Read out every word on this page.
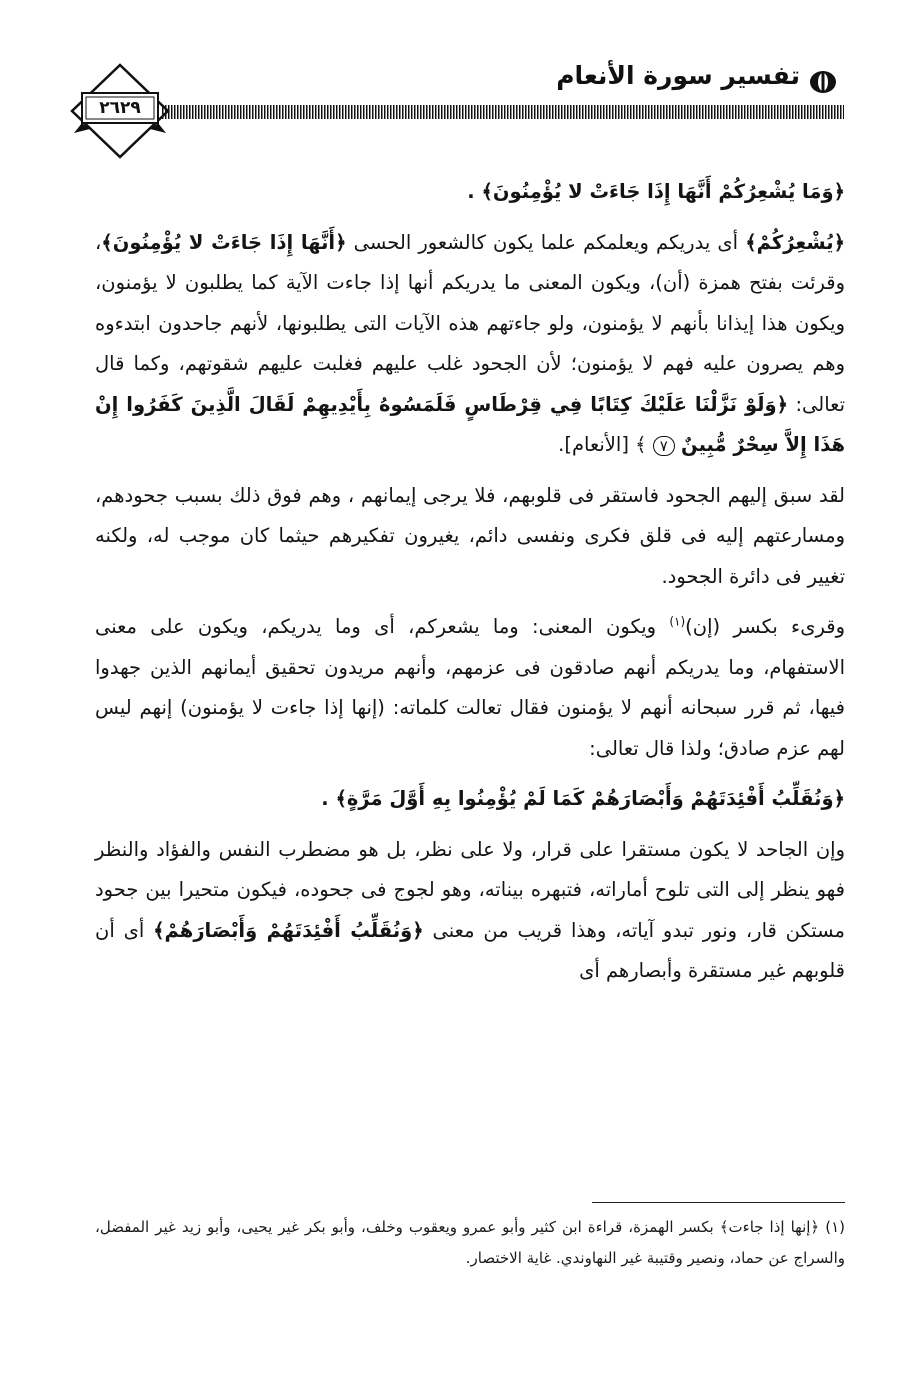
٢٦٢٩
تفسير سورة الأنعام

﴿وَمَا يُشْعِرُكُمْ أَنَّهَا إِذَا جَاءَتْ لا يُؤْمِنُونَ﴾ .

﴿يُشْعِرُكُمْ﴾ أى يدريكم ويعلمكم علما يكون كالشعور الحسى ﴿أَنَّهَا إِذَا جَاءَتْ لا يُؤْمِنُونَ﴾، وقرئت بفتح همزة (أن)، ويكون المعنى ما يدريكم أنها إذا جاءت الآية كما يطلبون لا يؤمنون، ويكون هذا إيذانا بأنهم لا يؤمنون، ولو جاءتهم هذه الآيات التى يطلبونها، لأنهم جاحدون ابتدءوه وهم يصرون عليه فهم لا يؤمنون؛ لأن الجحود غلب عليهم فغلبت عليهم شقوتهم، وكما قال تعالى: ﴿وَلَوْ نَزَّلْنَا عَلَيْكَ كِتَابًا فِي قِرْطَاسٍ فَلَمَسُوهُ بِأَيْدِيهِمْ لَقَالَ الَّذِينَ كَفَرُوا إِنْ هَذَا إِلاَّ سِحْرٌ مُّبِينٌ ٧ ﴾ [الأنعام].

لقد سبق إليهم الجحود فاستقر فى قلوبهم، فلا يرجى إيمانهم ، وهم فوق ذلك بسبب جحودهم، ومسارعتهم إليه فى قلق فكرى ونفسى دائم، يغيرون تفكيرهم حيثما كان موجب له، ولكنه تغيير فى دائرة الجحود.

وقرىء بكسر (إن)$^{(١)}$ ويكون المعنى: وما يشعركم، أى وما يدريكم، ويكون على معنى الاستفهام، وما يدريكم أنهم صادقون فى عزمهم، وأنهم مريدون تحقيق أيمانهم الذين جهدوا فيها، ثم قرر سبحانه أنهم لا يؤمنون فقال تعالت كلماته: (إنها إذا جاءت لا يؤمنون) إنهم ليس لهم عزم صادق؛ ولذا قال تعالى:

﴿وَنُقَلِّبُ أَفْئِدَتَهُمْ وَأَبْصَارَهُمْ كَمَا لَمْ يُؤْمِنُوا بِهِ أَوَّلَ مَرَّةٍ﴾ .

وإن الجاحد لا يكون مستقرا على قرار، ولا على نظر، بل هو مضطرب النفس والفؤاد والنظر فهو ينظر إلى التى تلوح أماراته، فتبهره بيناته، وهو لجوج فى جحوده، فيكون متحيرا بين جحود مستكن قار، ونور تبدو آياته، وهذا قريب من معنى ﴿وَنُقَلِّبُ أَفْئِدَتَهُمْ وَأَبْصَارَهُمْ﴾ أى أن قلوبهم غير مستقرة وأبصارهم أى

(١) ﴿إنها إذا جاءت﴾ بكسر الهمزة، قراءة ابن كثير وأبو عمرو ويعقوب وخلف، وأبو بكر غير يحيى، وأبو زيد غير المفضل، والسراج عن حماد، ونصير وقتيبة غير النهاوندي. غاية الاختصار.
